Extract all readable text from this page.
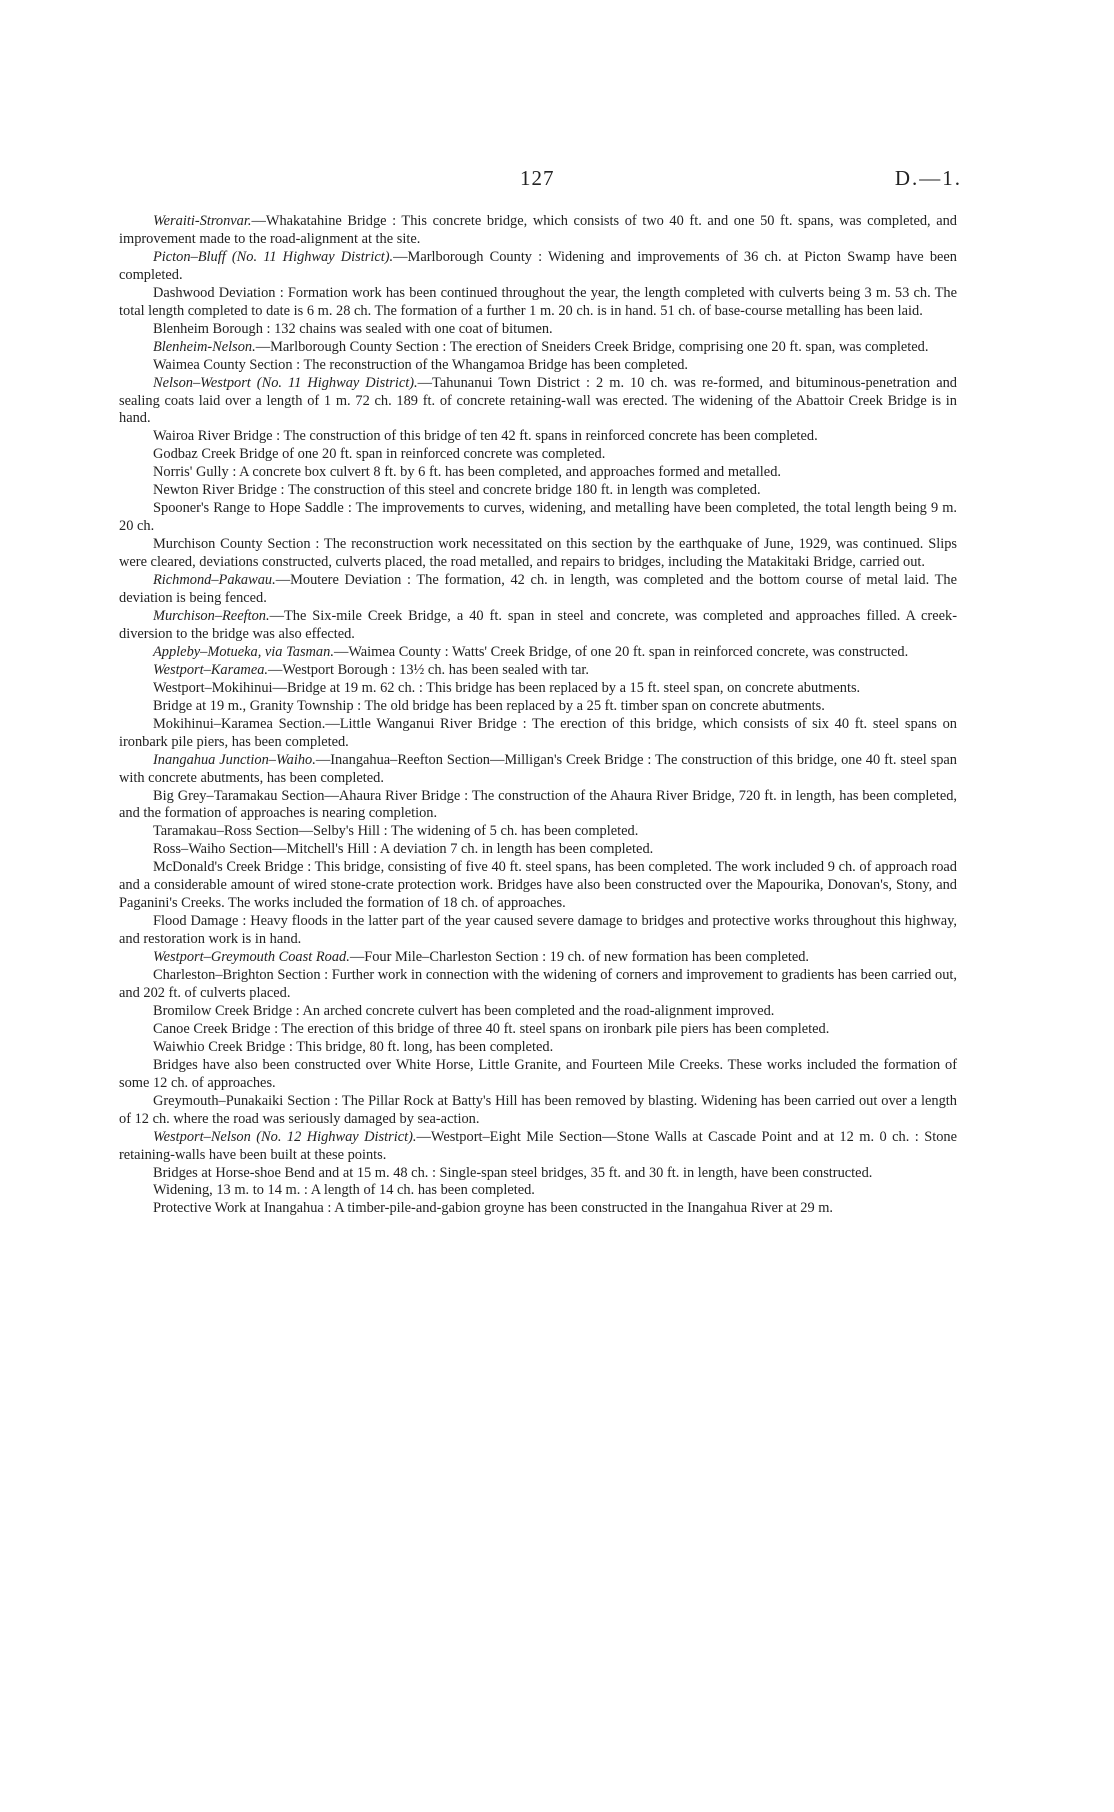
127	D.—1.

Weraiti-Stronvar.—Whakatahine Bridge : This concrete bridge, which consists of two 40 ft. and one 50 ft. spans, was completed, and improvement made to the road-alignment at the site.

Picton–Bluff (No. 11 Highway District).—Marlborough County : Widening and improvements of 36 ch. at Picton Swamp have been completed.

Dashwood Deviation : Formation work has been continued throughout the year, the length completed with culverts being 3 m. 53 ch. The total length completed to date is 6 m. 28 ch. The formation of a further 1 m. 20 ch. is in hand. 51 ch. of base-course metalling has been laid.

Blenheim Borough : 132 chains was sealed with one coat of bitumen.

Blenheim-Nelson.—Marlborough County Section : The erection of Sneiders Creek Bridge, comprising one 20 ft. span, was completed.

Waimea County Section : The reconstruction of the Whangamoa Bridge has been completed.

Nelson–Westport (No. 11 Highway District).—Tahunanui Town District : 2 m. 10 ch. was re-formed, and bituminous-penetration and sealing coats laid over a length of 1 m. 72 ch. 189 ft. of concrete retaining-wall was erected. The widening of the Abattoir Creek Bridge is in hand.

Wairoa River Bridge : The construction of this bridge of ten 42 ft. spans in reinforced concrete has been completed.

Godbaz Creek Bridge of one 20 ft. span in reinforced concrete was completed.

Norris' Gully : A concrete box culvert 8 ft. by 6 ft. has been completed, and approaches formed and metalled.

Newton River Bridge : The construction of this steel and concrete bridge 180 ft. in length was completed.

Spooner's Range to Hope Saddle : The improvements to curves, widening, and metalling have been completed, the total length being 9 m. 20 ch.

Murchison County Section : The reconstruction work necessitated on this section by the earthquake of June, 1929, was continued. Slips were cleared, deviations constructed, culverts placed, the road metalled, and repairs to bridges, including the Matakitaki Bridge, carried out.

Richmond–Pakawau.—Moutere Deviation : The formation, 42 ch. in length, was completed and the bottom course of metal laid. The deviation is being fenced.

Murchison–Reefton.—The Six-mile Creek Bridge, a 40 ft. span in steel and concrete, was completed and approaches filled. A creek-diversion to the bridge was also effected.

Appleby–Motueka, via Tasman.—Waimea County : Watts' Creek Bridge, of one 20 ft. span in reinforced concrete, was constructed.

Westport–Karamea.—Westport Borough : 13½ ch. has been sealed with tar.

Westport–Mokihinui—Bridge at 19 m. 62 ch. : This bridge has been replaced by a 15 ft. steel span, on concrete abutments.

Bridge at 19 m., Granity Township : The old bridge has been replaced by a 25 ft. timber span on concrete abutments.

Mokihinui–Karamea Section.—Little Wanganui River Bridge : The erection of this bridge, which consists of six 40 ft. steel spans on ironbark pile piers, has been completed.

Inangahua Junction–Waiho.—Inangahua–Reefton Section—Milligan's Creek Bridge : The construction of this bridge, one 40 ft. steel span with concrete abutments, has been completed.

Big Grey–Taramakau Section—Ahaura River Bridge : The construction of the Ahaura River Bridge, 720 ft. in length, has been completed, and the formation of approaches is nearing completion.

Taramakau–Ross Section—Selby's Hill : The widening of 5 ch. has been completed.

Ross–Waiho Section—Mitchell's Hill : A deviation 7 ch. in length has been completed.

McDonald's Creek Bridge : This bridge, consisting of five 40 ft. steel spans, has been completed. The work included 9 ch. of approach road and a considerable amount of wired stone-crate protection work. Bridges have also been constructed over the Mapourika, Donovan's, Stony, and Paganini's Creeks. The works included the formation of 18 ch. of approaches.

Flood Damage : Heavy floods in the latter part of the year caused severe damage to bridges and protective works throughout this highway, and restoration work is in hand.

Westport–Greymouth Coast Road.—Four Mile–Charleston Section : 19 ch. of new formation has been completed.

Charleston–Brighton Section : Further work in connection with the widening of corners and improvement to gradients has been carried out, and 202 ft. of culverts placed.

Bromilow Creek Bridge : An arched concrete culvert has been completed and the road-alignment improved.

Canoe Creek Bridge : The erection of this bridge of three 40 ft. steel spans on ironbark pile piers has been completed.

Waiwhio Creek Bridge : This bridge, 80 ft. long, has been completed.

Bridges have also been constructed over White Horse, Little Granite, and Fourteen Mile Creeks. These works included the formation of some 12 ch. of approaches.

Greymouth–Punakaiki Section : The Pillar Rock at Batty's Hill has been removed by blasting. Widening has been carried out over a length of 12 ch. where the road was seriously damaged by sea-action.

Westport–Nelson (No. 12 Highway District).—Westport–Eight Mile Section—Stone Walls at Cascade Point and at 12 m. 0 ch. : Stone retaining-walls have been built at these points.

Bridges at Horse-shoe Bend and at 15 m. 48 ch. : Single-span steel bridges, 35 ft. and 30 ft. in length, have been constructed.

Widening, 13 m. to 14 m. : A length of 14 ch. has been completed.

Protective Work at Inangahua : A timber-pile-and-gabion groyne has been constructed in the Inangahua River at 29 m.
